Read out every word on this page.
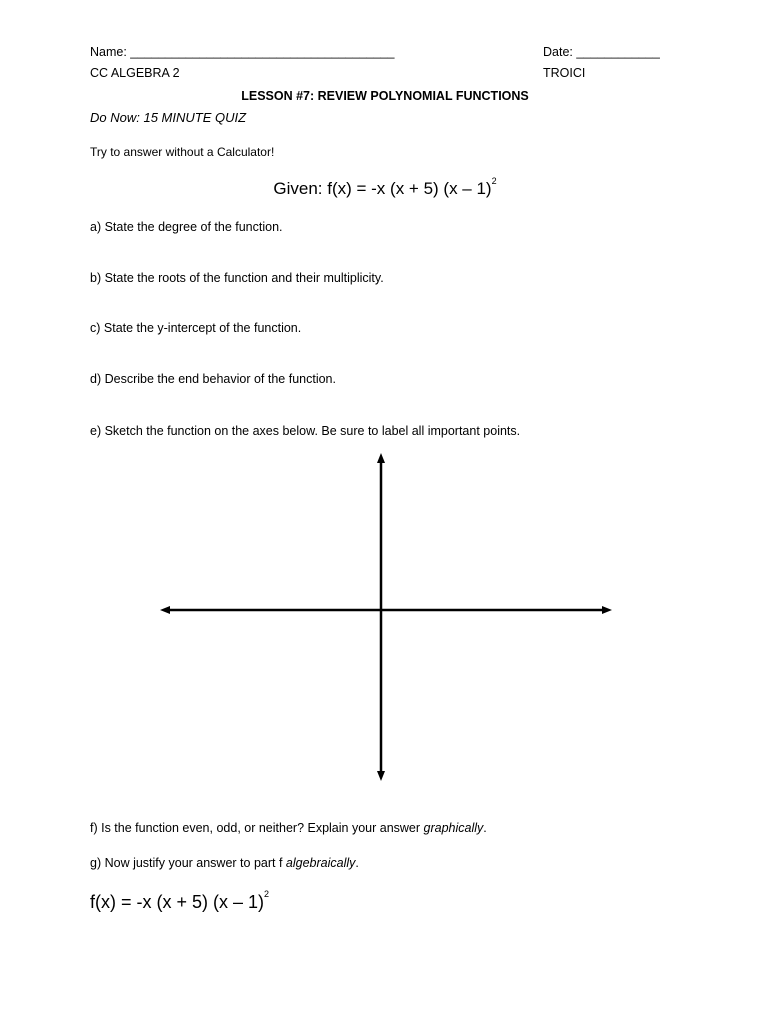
Name: ______________________________________	Date: ____________
CC ALGEBRA 2	TROICI
LESSON #7: REVIEW POLYNOMIAL FUNCTIONS
Do Now: 15 MINUTE QUIZ
Try to answer without a Calculator!
Given: f(x) = -x (x + 5) (x – 1)$^2$
a) State the degree of the function.
b) State the roots of the function and their multiplicity.
c) State the y-intercept of the function.
d) Describe the end behavior of the function.
e) Sketch the function on the axes below. Be sure to label all important points.
f) Is the function even, odd, or neither? Explain your answer graphically.
g) Now justify your answer to part f algebraically.
f(x) = -x (x + 5) (x – 1)$^2$
